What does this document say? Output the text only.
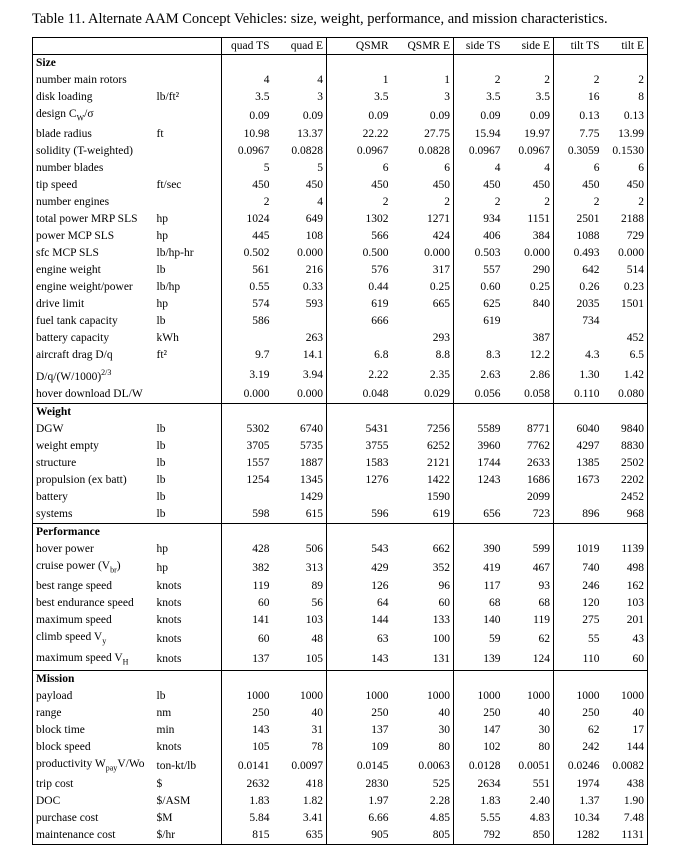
Table 11. Alternate AAM Concept Vehicles: size, weight, performance, and mission characteristics.
		quad TS	quad E	QSMR	QSMR E	side TS	side E	tilt TS	tilt E
Size									
number main rotors		4	4	1	1	2	2	2	2
disk loading	lb/ft²	3.5	3	3.5	3	3.5	3.5	16	8
design $C_W/\sigma$		0.09	0.09	0.09	0.09	0.09	0.09	0.13	0.13
blade radius	ft	10.98	13.37	22.22	27.75	15.94	19.97	7.75	13.99
solidity (T-weighted)		0.0967	0.0828	0.0967	0.0828	0.0967	0.0967	0.3059	0.1530
number blades		5	5	6	6	4	4	6	6
tip speed	ft/sec	450	450	450	450	450	450	450	450
number engines		2	4	2	2	2	2	2	2
total power MRP SLS	hp	1024	649	1302	1271	934	1151	2501	2188
power MCP SLS	hp	445	108	566	424	406	384	1088	729
sfc MCP SLS	lb/hp-hr	0.502	0.000	0.500	0.000	0.503	0.000	0.493	0.000
engine weight	lb	561	216	576	317	557	290	642	514
engine weight/power	lb/hp	0.55	0.33	0.44	0.25	0.60	0.25	0.26	0.23
drive limit	hp	574	593	619	665	625	840	2035	1501
fuel tank capacity	lb	586		666		619		734	
battery capacity	kWh		263		293		387		452
aircraft drag D/q	ft²	9.7	14.1	6.8	8.8	8.3	12.2	4.3	6.5
$D/q/(W/1000)^{2/3}$		3.19	3.94	2.22	2.35	2.63	2.86	1.30	1.42
hover download DL/W		0.000	0.000	0.048	0.029	0.056	0.058	0.110	0.080
Weight									
DGW	lb	5302	6740	5431	7256	5589	8771	6040	9840
weight empty	lb	3705	5735	3755	6252	3960	7762	4297	8830
structure	lb	1557	1887	1583	2121	1744	2633	1385	2502
propulsion (ex batt)	lb	1254	1345	1276	1422	1243	1686	1673	2202
battery	lb		1429		1590		2099		2452
systems	lb	598	615	596	619	656	723	896	968
Performance									
hover power	hp	428	506	543	662	390	599	1019	1139
cruise power $(V_{br})$	hp	382	313	429	352	419	467	740	498
best range speed	knots	119	89	126	96	117	93	246	162
best endurance speed	knots	60	56	64	60	68	68	120	103
maximum speed	knots	141	103	144	133	140	119	275	201
climb speed $V_y$	knots	60	48	63	100	59	62	55	43
maximum speed $V_H$	knots	137	105	143	131	139	124	110	60
Mission									
payload	lb	1000	1000	1000	1000	1000	1000	1000	1000
range	nm	250	40	250	40	250	40	250	40
block time	min	143	31	137	30	147	30	62	17
block speed	knots	105	78	109	80	102	80	242	144
productivity $W_{pay}V/Wo$	ton-kt/lb	0.0141	0.0097	0.0145	0.0063	0.0128	0.0051	0.0246	0.0082
trip cost	$	2632	418	2830	525	2634	551	1974	438
DOC	$/ASM	1.83	1.82	1.97	2.28	1.83	2.40	1.37	1.90
purchase cost	$M	5.84	3.41	6.66	4.85	5.55	4.83	10.34	7.48
maintenance cost	$/hr	815	635	905	805	792	850	1282	1131
